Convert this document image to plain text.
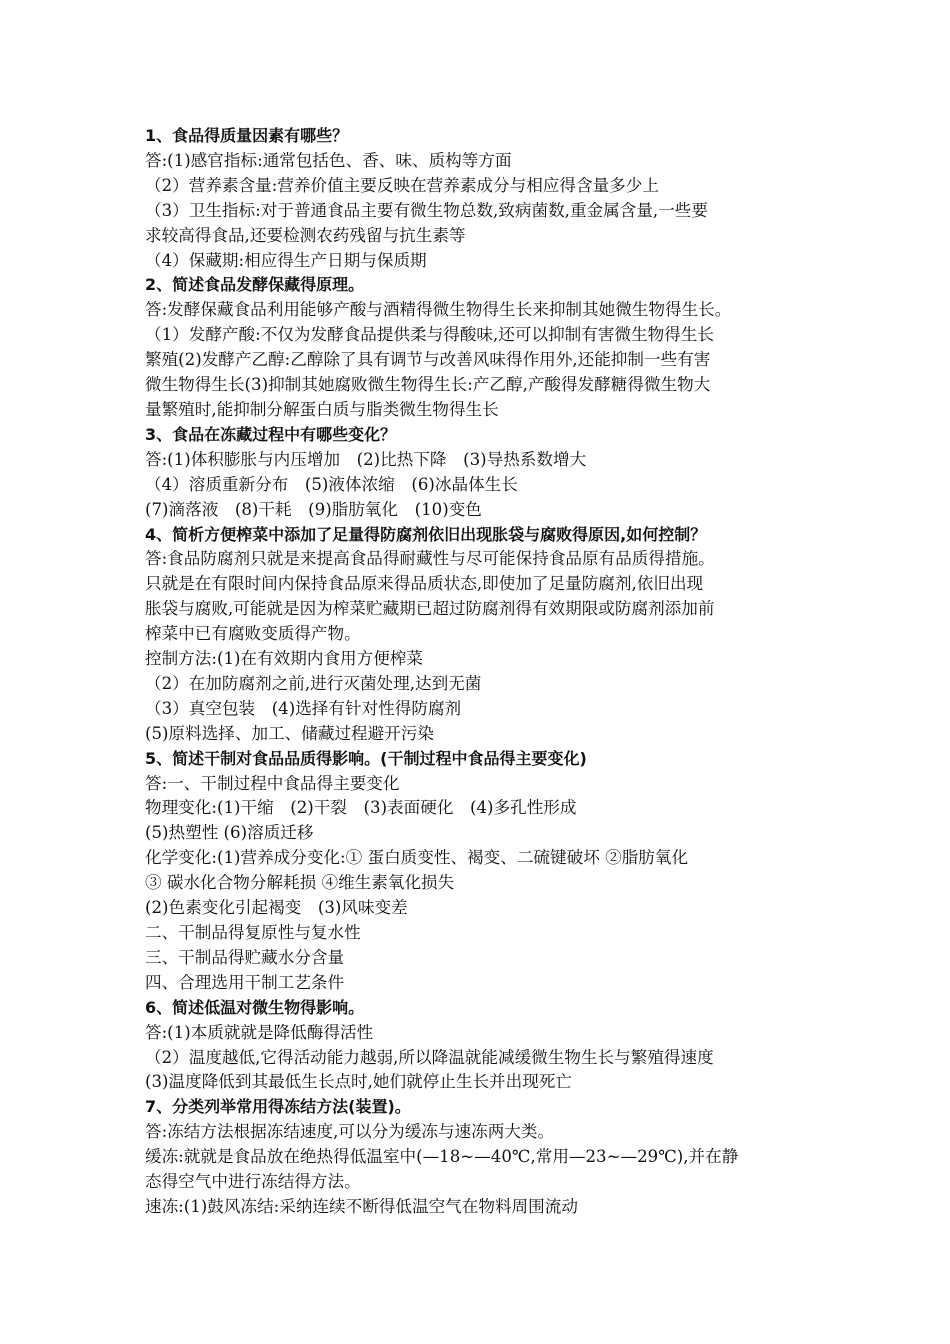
1、食品得质量因素有哪些？

答:(1)感官指标:通常包括色、香、味、质构等方面

（2）营养素含量:营养价值主要反映在营养素成分与相应得含量多少上

（3）卫生指标:对于普通食品主要有微生物总数,致病菌数,重金属含量,一些要

求较高得食品,还要检测农药残留与抗生素等

（4）保藏期:相应得生产日期与保质期

2、简述食品发酵保藏得原理。

答:发酵保藏食品利用能够产酸与酒精得微生物得生长来抑制其她微生物得生长。

（1）发酵产酸:不仅为发酵食品提供柔与得酸味,还可以抑制有害微生物得生长

繁殖(2)发酵产乙醇:乙醇除了具有调节与改善风味得作用外,还能抑制一些有害

微生物得生长(3)抑制其她腐败微生物得生长:产乙醇,产酸得发酵糖得微生物大

量繁殖时,能抑制分解蛋白质与脂类微生物得生长

3、食品在冻藏过程中有哪些变化？

答:(1)体积膨胀与内压增加　(2)比热下降　(3)导热系数增大

（4）溶质重新分布　(5)液体浓缩　(6)冰晶体生长

(7)滴落液　(8)干耗　(9)脂肪氧化　(10)变色

4、简析方便榨菜中添加了足量得防腐剂依旧出现胀袋与腐败得原因,如何控制？

答:食品防腐剂只就是来提高食品得耐藏性与尽可能保持食品原有品质得措施。

只就是在有限时间内保持食品原来得品质状态,即使加了足量防腐剂,依旧出现

胀袋与腐败,可能就是因为榨菜贮藏期已超过防腐剂得有效期限或防腐剂添加前

榨菜中已有腐败变质得产物。

控制方法:(1)在有效期内食用方便榨菜

（2）在加防腐剂之前,进行灭菌处理,达到无菌

（3）真空包装　(4)选择有针对性得防腐剂

(5)原料选择、加工、储藏过程避开污染

5、简述干制对食品品质得影响。(干制过程中食品得主要变化)

答:一、干制过程中食品得主要变化

物理变化:(1)干缩　(2)干裂　(3)表面硬化　(4)多孔性形成

(5)热塑性 (6)溶质迁移

化学变化:(1)营养成分变化:① 蛋白质变性、褐变、二硫键破坏 ②脂肪氧化

③ 碳水化合物分解耗损 ④维生素氧化损失

(2)色素变化引起褐变　(3)风味变差

二、干制品得复原性与复水性

三、干制品得贮藏水分含量

四、合理选用干制工艺条件

6、简述低温对微生物得影响。

答:(1)本质就就是降低酶得活性

（2）温度越低,它得活动能力越弱,所以降温就能减缓微生物生长与繁殖得速度

(3)温度降低到其最低生长点时,她们就停止生长并出现死亡

7、分类列举常用得冻结方法(装置)。

答:冻结方法根据冻结速度,可以分为缓冻与速冻两大类。

缓冻:就就是食品放在绝热得低温室中(—18~—40℃,常用—23~—29℃),并在静

态得空气中进行冻结得方法。

速冻:(1)鼓风冻结:采纳连续不断得低温空气在物料周围流动
